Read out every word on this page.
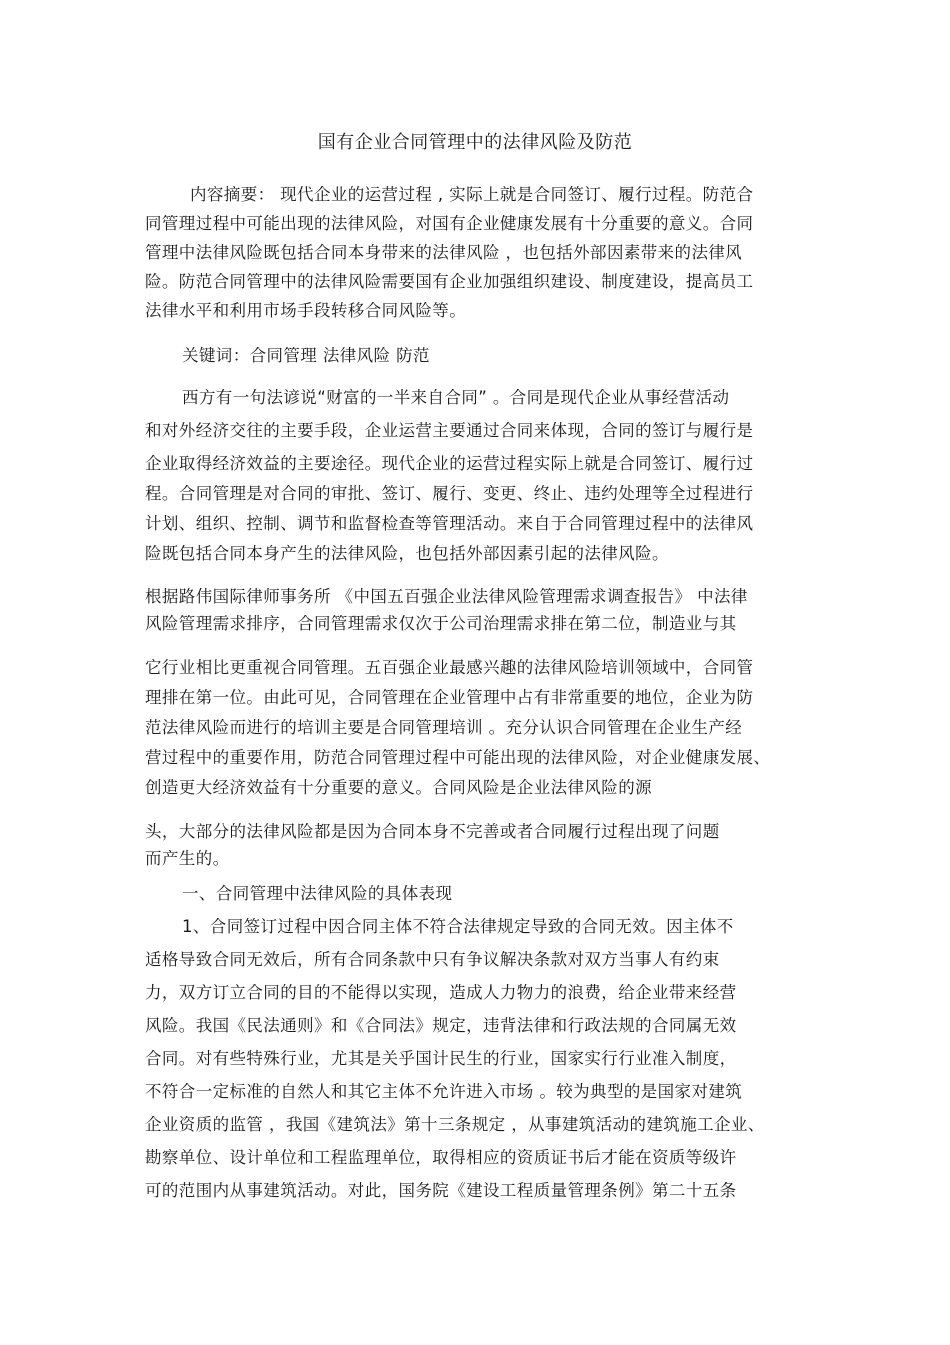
国有企业合同管理中的法律风险及防范
内容摘要： 现代企业的运营过程 , 实际上就是合同签订、履行过程。防范合
同管理过程中可能出现的法律风险，对国有企业健康发展有十分重要的意义。合同
管理中法律风险既包括合同本身带来的法律风险 ，也包括外部因素带来的法律风
险。防范合同管理中的法律风险需要国有企业加强组织建设、制度建设，提高员工
法律水平和利用市场手段转移合同风险等。
关键词：合同管理 法律风险 防范
西方有一句法谚说“财富的一半来自合同” 。合同是现代企业从事经营活动
和对外经济交往的主要手段，企业运营主要通过合同来体现，合同的签订与履行是
企业取得经济效益的主要途径。现代企业的运营过程实际上就是合同签订、履行过
程。合同管理是对合同的审批、签订、履行、变更、终止、违约处理等全过程进行
计划、组织、控制、调节和监督检查等管理活动。来自于合同管理过程中的法律风
险既包括合同本身产生的法律风险，也包括外部因素引起的法律风险。
根据路伟国际律师事务所 《中国五百强企业法律风险管理需求调查报告》 中法律
风险管理需求排序，合同管理需求仅次于公司治理需求排在第二位，制造业与其
它行业相比更重视合同管理。五百强企业最感兴趣的法律风险培训领域中，合同管
理排在第一位。由此可见，合同管理在企业管理中占有非常重要的地位，企业为防
范法律风险而进行的培训主要是合同管理培训 。充分认识合同管理在企业生产经
营过程中的重要作用，防范合同管理过程中可能出现的法律风险，对企业健康发展、
创造更大经济效益有十分重要的意义。合同风险是企业法律风险的源
头，大部分的法律风险都是因为合同本身不完善或者合同履行过程出现了问题
而产生的。
一、合同管理中法律风险的具体表现
1、合同签订过程中因合同主体不符合法律规定导致的合同无效。因主体不
适格导致合同无效后，所有合同条款中只有争议解决条款对双方当事人有约束
力，双方订立合同的目的不能得以实现，造成人力物力的浪费，给企业带来经营
风险。我国《民法通则》和《合同法》规定，违背法律和行政法规的合同属无效
合同。对有些特殊行业，尤其是关乎国计民生的行业，国家实行行业准入制度，
不符合一定标准的自然人和其它主体不允许进入市场 。较为典型的是国家对建筑
企业资质的监管 ，我国《建筑法》第十三条规定 ，从事建筑活动的建筑施工企业、
勘察单位、设计单位和工程监理单位，取得相应的资质证书后才能在资质等级许
可的范围内从事建筑活动。对此，国务院《建设工程质量管理条例》第二十五条
